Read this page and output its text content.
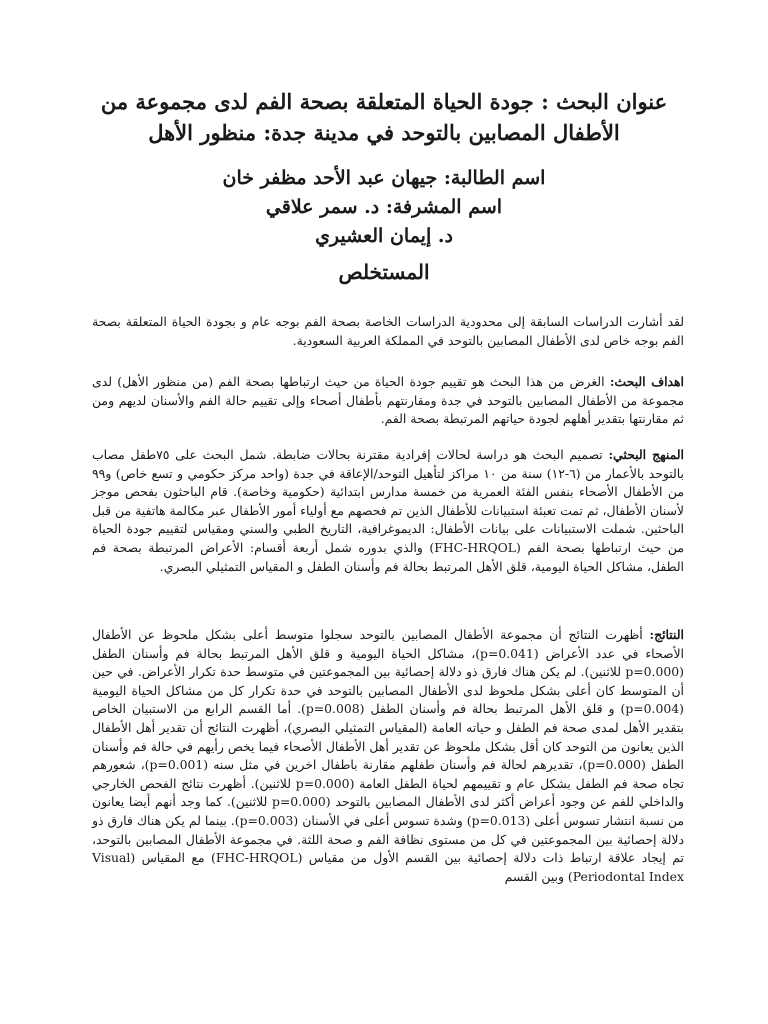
عنوان البحث : جودة الحياة المتعلقة بصحة الفم لدى مجموعة من
الأطفال المصابين بالتوحد في مدينة جدة: منظور الأهل
اسم الطالبة: جيهان عبد الأحد مظفر خان
اسم المشرفة: د. سمر علاقي
د. إيمان العشيري
المستخلص

لقد أشارت الدراسات السابقة إلى محدودية الدراسات الخاصة بصحة الفم بوجه عام و بجودة الحياة المتعلقة بصحة الفم بوجه خاص لدى الأطفال المصابين بالتوحد في المملكة العربية السعودية.

اهداف البحث: الغرض من هذا البحث هو تقييم جودة الحياة من حيث ارتباطها بصحة الفم (من منظور الأهل) لدى مجموعة من الأطفال المصابين بالتوحد في جدة ومقارنتهم بأطفال أصحاء وإلى تقييم حالة الفم والأسنان لديهم ومن ثم مقارنتها بتقدير أهلهم لجودة حياتهم المرتبطة بصحة الفم.

المنهج البحثي: تصميم البحث هو دراسة لحالات إفرادية مقترنة بحالات ضابطة. شمل البحث على ٧٥طفل مصاب بالتوحد بالأعمار من (٦-١٢) سنة من ١٠ مراكز لتأهيل التوحد/الإعاقة في جدة (واحد مركز حكومي و تسع خاص) و٩٩ من الأطفال الأصحاء بنفس الفئة العمرية من خمسة مدارس ابتدائية (حكومية وخاصة). قام الباحثون بفحص موجز لأسنان الأطفال، ثم تمت تعبئة استبيانات للأطفال الذين تم فحصهم مع أولياء أمور الأطفال عبر مكالمة هاتفية من قبل الباحثين. شملت الاستبيانات على بيانات الأطفال: الديموغرافية، التاريخ الطبي والسني ومقياس لتقييم جودة الحياة من حيث ارتباطها بصحة الفم (FHC-HRQOL) والذي بدوره شمل أربعة أقسام: الأعراض المرتبطة بصحة فم الطفل، مشاكل الحياة اليومية، قلق الأهل المرتبط بحالة فم وأسنان الطفل و المقياس التمثيلي البصري.

النتائج: أظهرت النتائج أن مجموعة الأطفال المصابين بالتوحد سجلوا متوسط أعلى بشكل ملحوظ عن الأطفال الأصحاء في عدد الأعراض (p=0.041)، مشاكل الحياة اليومية و قلق الأهل المرتبط بحالة فم وأسنان الطفل (p=0.000 للاثنين). لم يكن هناك فارق ذو دلالة إحصائية بين المجموعتين في متوسط حدة تكرار الأعراض. في حين أن المتوسط كان أعلى بشكل ملحوظ لدى الأطفال المصابين بالتوحد في حدة تكرار كل من مشاكل الحياة اليومية (p=0.004) و قلق الأهل المرتبط بحالة فم وأسنان الطفل (p=0.008). أما القسم الرابع من الاستبيان الخاص بتقدير الأهل لمدى صحة فم الطفل و حياته العامة (المقياس التمثيلي البصري)، أظهرت النتائج أن تقدير أهل الأطفال الذين يعانون من التوحد كان أقل بشكل ملحوظ عن تقدير أهل الأطفال الأصحاء فيما يخص رأيهم في حالة فم وأسنان الطفل (p=0.000)، تقديرهم لحالة فم وأسنان طفلهم مقارنة باطفال اخرين في مثل سنه (p=0.001)، شعورهم تجاه صحة فم الطفل بشكل عام و تقييمهم لحياة الطفل العامة (p=0.000 للاثنين). أظهرت نتائج الفحص الخارجي والداخلي للفم عن وجود أعراض أكثر لدى الأطفال المصابين بالتوحد (p=0.000 للاثنين). كما وجد أنهم أيضا يعانون من نسبة انتشار تسوس أعلى (p=0.013) وشدة تسوس أعلى في الأسنان (p=0.003). بينما لم يكن هناك فارق ذو دلالة إحصائية بين المجموعتين في كل من مستوى نظافة الفم و صحة اللثة. في مجموعة الأطفال المصابين بالتوحد، تم إيجاد علاقة ارتباط ذات دلالة إحصائية بين القسم الأول من مقياس (FHC-HRQOL) مع المقياس (Visual Periodontal Index) وبين القسم
